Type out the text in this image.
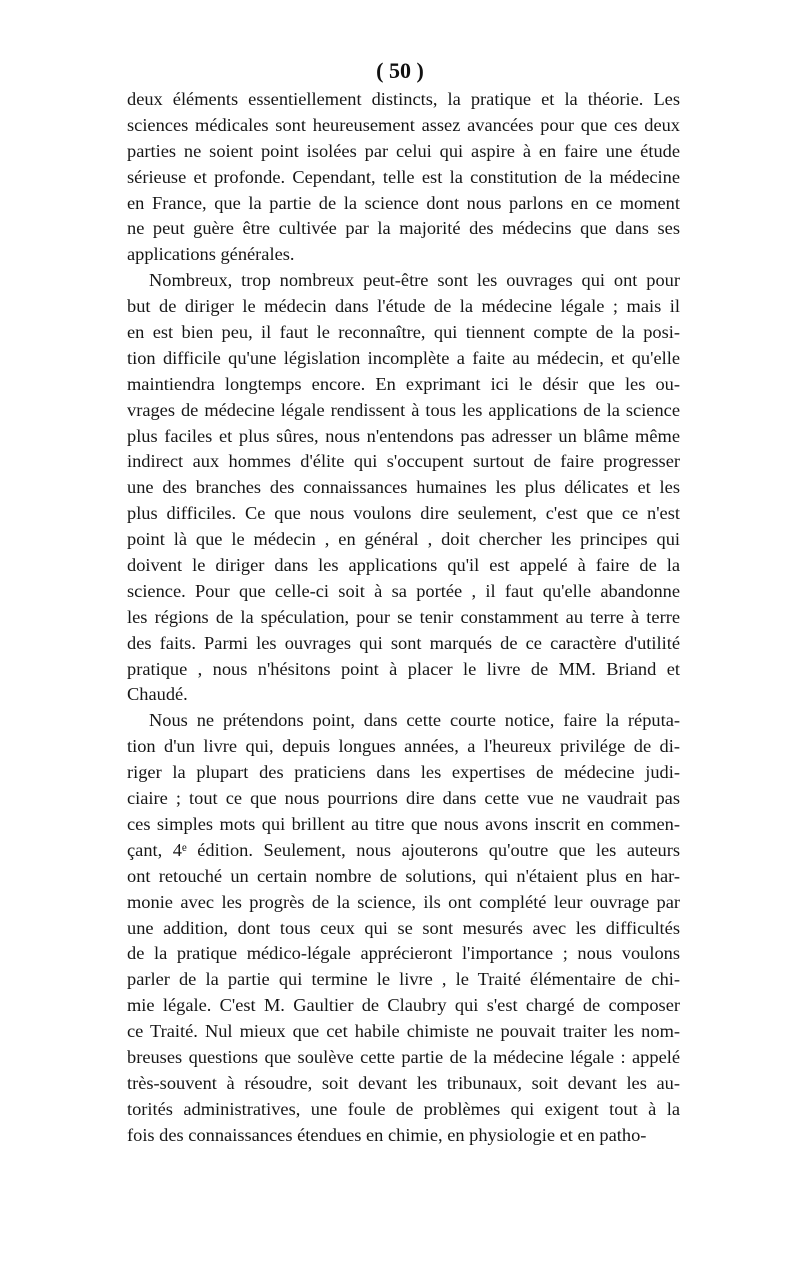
( 50 )
deux éléments essentiellement distincts, la pratique et la théorie. Les
sciences médicales sont heureusement assez avancées pour que ces deux
parties ne soient point isolées par celui qui aspire à en faire une étude
sérieuse et profonde. Cependant, telle est la constitution de la médecine
en France, que la partie de la science dont nous parlons en ce moment
ne peut guère être cultivée par la majorité des médecins que dans ses
applications générales.
Nombreux, trop nombreux peut-être sont les ouvrages qui ont pour
but de diriger le médecin dans l'étude de la médecine légale ; mais il
en est bien peu, il faut le reconnaître, qui tiennent compte de la posi-
tion difficile qu'une législation incomplète a faite au médecin, et qu'elle
maintiendra longtemps encore. En exprimant ici le désir que les ou-
vrages de médecine légale rendissent à tous les applications de la science
plus faciles et plus sûres, nous n'entendons pas adresser un blâme même
indirect aux hommes d'élite qui s'occupent surtout de faire progresser
une des branches des connaissances humaines les plus délicates et les
plus difficiles. Ce que nous voulons dire seulement, c'est que ce n'est
point là que le médecin , en général , doit chercher les principes qui
doivent le diriger dans les applications qu'il est appelé à faire de la
science. Pour que celle-ci soit à sa portée , il faut qu'elle abandonne
les régions de la spéculation, pour se tenir constamment au terre à terre
des faits. Parmi les ouvrages qui sont marqués de ce caractère d'utilité
pratique , nous n'hésitons point à placer le livre de MM. Briand et
Chaudé.
Nous ne prétendons point, dans cette courte notice, faire la réputa-
tion d'un livre qui, depuis longues années, a l'heureux privilége de di-
riger la plupart des praticiens dans les expertises de médecine judi-
ciaire ; tout ce que nous pourrions dire dans cette vue ne vaudrait pas
ces simples mots qui brillent au titre que nous avons inscrit en commen-
çant, 4ᵉ édition. Seulement, nous ajouterons qu'outre que les auteurs
ont retouché un certain nombre de solutions, qui n'étaient plus en har-
monie avec les progrès de la science, ils ont complété leur ouvrage par
une addition, dont tous ceux qui se sont mesurés avec les difficultés
de la pratique médico-légale apprécieront l'importance ; nous voulons
parler de la partie qui termine le livre , le Traité élémentaire de chi-
mie légale. C'est M. Gaultier de Claubry qui s'est chargé de composer
ce Traité. Nul mieux que cet habile chimiste ne pouvait traiter les nom-
breuses questions que soulève cette partie de la médecine légale : appelé
très-souvent à résoudre, soit devant les tribunaux, soit devant les au-
torités administratives, une foule de problèmes qui exigent tout à la
fois des connaissances étendues en chimie, en physiologie et en patho-
